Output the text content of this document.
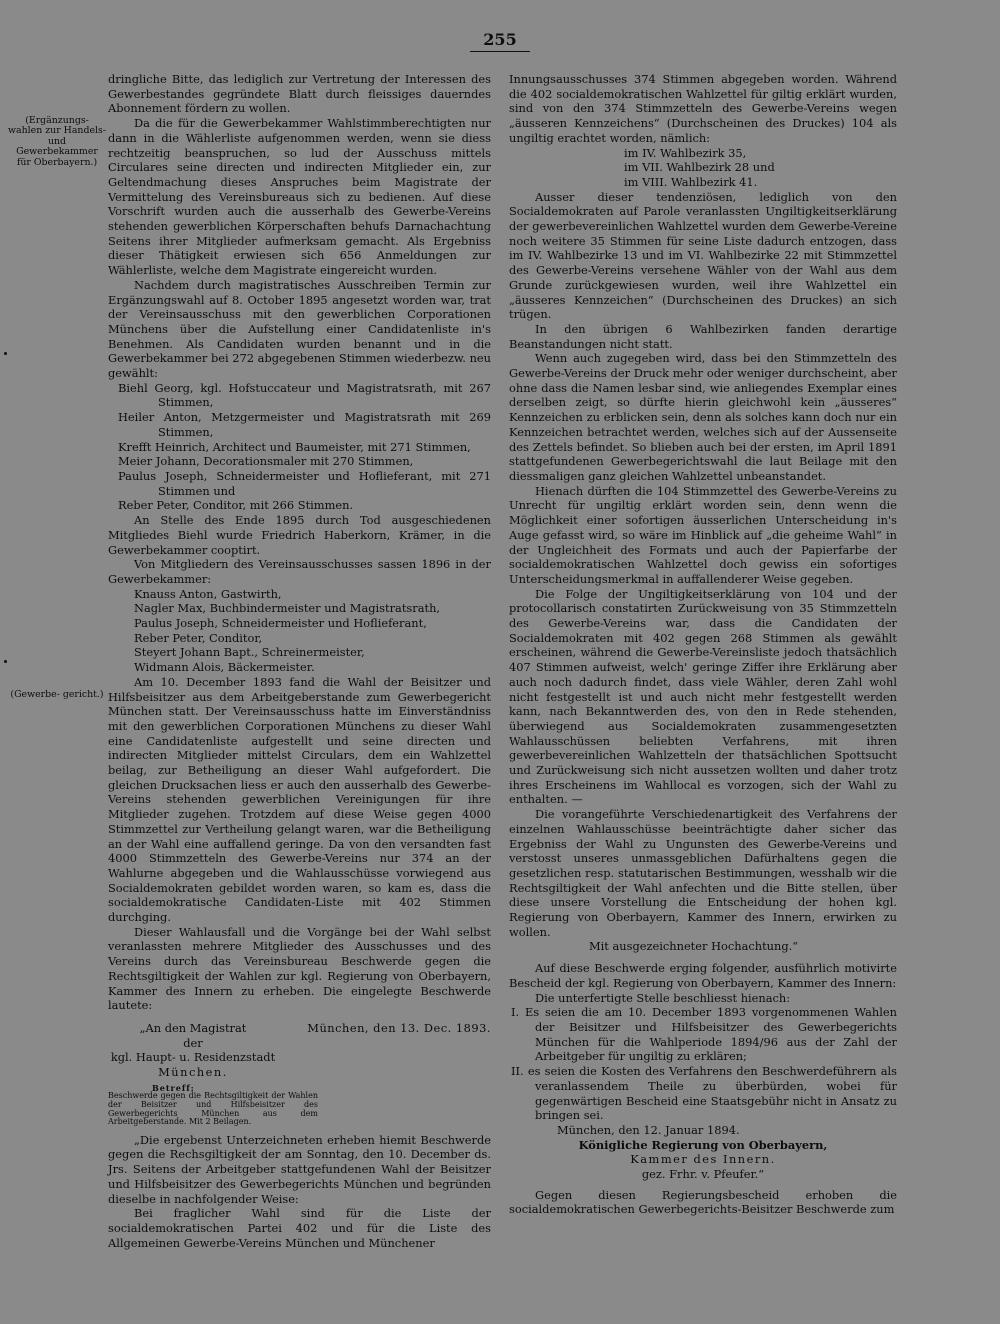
255
(Ergänzungs- wahlen zur Handels- und Gewerbekammer für Oberbayern.)
(Gewerbe- gericht.)

dringliche Bitte, das lediglich zur Vertretung der Interessen des Gewerbestandes gegründete Blatt durch fleissiges dauerndes Abonnement fördern zu wollen.

Da die für die Gewerbekammer Wahlstimmberechtigten nur dann in die Wählerliste aufgenommen werden, wenn sie diess rechtzeitig beanspruchen, so lud der Ausschuss mittels Circulares seine directen und indirecten Mitglieder ein, zur Geltendmachung dieses Anspruches beim Magistrate der Vermittelung des Vereinsbureaus sich zu bedienen. Auf diese Vorschrift wurden auch die ausserhalb des Gewerbe-Vereins stehenden gewerblichen Körperschaften behufs Darnachachtung Seitens ihrer Mitglieder aufmerksam gemacht. Als Ergebniss dieser Thätigkeit erwiesen sich 656 Anmeldungen zur Wählerliste, welche dem Magistrate eingereicht wurden.

Nachdem durch magistratisches Ausschreiben Termin zur Ergänzungswahl auf 8. October 1895 angesetzt worden war, trat der Vereinsausschuss mit den gewerblichen Corporationen Münchens über die Aufstellung einer Candidatenliste in's Benehmen. Als Candidaten wurden benannt und in die Gewerbekammer bei 272 abgegebenen Stimmen wiederbezw. neu gewählt:

Biehl Georg, kgl. Hofstuccateur und Magistratsrath, mit 267 Stimmen,

Heiler Anton, Metzgermeister und Magistratsrath mit 269 Stimmen,

Krefft Heinrich, Architect und Baumeister, mit 271 Stimmen,

Meier Johann, Decorationsmaler mit 270 Stimmen,

Paulus Joseph, Schneidermeister und Hoflieferant, mit 271 Stimmen und

Reber Peter, Conditor, mit 266 Stimmen.

An Stelle des Ende 1895 durch Tod ausgeschiedenen Mitgliedes Biehl wurde Friedrich Haberkorn, Krämer, in die Gewerbekammer cooptirt.

Von Mitgliedern des Vereinsausschusses sassen 1896 in der Gewerbekammer:

Knauss Anton, Gastwirth,

Nagler Max, Buchbindermeister und Magistratsrath,

Paulus Joseph, Schneidermeister und Hoflieferant,

Reber Peter, Conditor,

Steyert Johann Bapt., Schreinermeister,

Widmann Alois, Bäckermeister.

Am 10. December 1893 fand die Wahl der Beisitzer und Hilfsbeisitzer aus dem Arbeitgeberstande zum Gewerbegericht München statt. Der Vereinsausschuss hatte im Einverständniss mit den gewerblichen Corporationen Münchens zu dieser Wahl eine Candidatenliste aufgestellt und seine directen und indirecten Mitglieder mittelst Circulars, dem ein Wahlzettel beilag, zur Betheiligung an dieser Wahl aufgefordert. Die gleichen Drucksachen liess er auch den ausserhalb des Gewerbe-Vereins stehenden gewerblichen Vereinigungen für ihre Mitglieder zugehen. Trotzdem auf diese Weise gegen 4000 Stimmzettel zur Vertheilung gelangt waren, war die Betheiligung an der Wahl eine auffallend geringe. Da von den versandten fast 4000 Stimmzetteln des Gewerbe-Vereins nur 374 an der Wahlurne abgegeben und die Wahlausschüsse vorwiegend aus Socialdemokraten gebildet worden waren, so kam es, dass die socialdemokratische Candidaten-Liste mit 402 Stimmen durchging.

Dieser Wahlausfall und die Vorgänge bei der Wahl selbst veranlassten mehrere Mitglieder des Ausschusses und des Vereins durch das Vereinsbureau Beschwerde gegen die Rechtsgiltigkeit der Wahlen zur kgl. Regierung von Oberbayern, Kammer des Innern zu erheben. Die eingelegte Beschwerde lautete:

„An den Magistrat
der
kgl. Haupt- u. Residenzstadt
München.
München, den 13. Dec. 1893.
Betreff:
Beschwerde gegen die Rechtsgiltigkeit der Wahlen der Beisitzer und Hilfsbeisitzer des Gewerbegerichts München aus dem Arbeitgeberstande. Mit 2 Beilagen.

„Die ergebenst Unterzeichneten erheben hiemit Beschwerde gegen die Rechsgiltigkeit der am Sonntag, den 10. December ds. Jrs. Seitens der Arbeitgeber stattgefundenen Wahl der Beisitzer und Hilfsbeisitzer des Gewerbegerichts München und begründen dieselbe in nachfolgender Weise:

Bei fraglicher Wahl sind für die Liste der socialdemokratischen Partei 402 und für die Liste des Allgemeinen Gewerbe-Vereins München und Münchener

Innungsausschusses 374 Stimmen abgegeben worden. Während die 402 socialdemokratischen Wahlzettel für giltig erklärt wurden, sind von den 374 Stimmzetteln des Gewerbe-Vereins wegen „äusseren Kennzeichens“ (Durchscheinen des Druckes) 104 als ungiltig erachtet worden, nämlich:

im IV. Wahlbezirk 35,

im VII. Wahlbezirk 28 und

im VIII. Wahlbezirk 41.

Ausser dieser tendenziösen, lediglich von den Socialdemokraten auf Parole veranlassten Ungiltigkeitserklärung der gewerbevereinlichen Wahlzettel wurden dem Gewerbe-Vereine noch weitere 35 Stimmen für seine Liste dadurch entzogen, dass im IV. Wahlbezirke 13 und im VI. Wahlbezirke 22 mit Stimmzettel des Gewerbe-Vereins versehene Wähler von der Wahl aus dem Grunde zurückgewiesen wurden, weil ihre Wahlzettel ein „äusseres Kennzeichen“ (Durchscheinen des Druckes) an sich trügen.

In den übrigen 6 Wahlbezirken fanden derartige Beanstandungen nicht statt.

Wenn auch zugegeben wird, dass bei den Stimmzetteln des Gewerbe-Vereins der Druck mehr oder weniger durchscheint, aber ohne dass die Namen lesbar sind, wie anliegendes Exemplar eines derselben zeigt, so dürfte hierin gleichwohl kein „äusseres“ Kennzeichen zu erblicken sein, denn als solches kann doch nur ein Kennzeichen betrachtet werden, welches sich auf der Aussenseite des Zettels befindet. So blieben auch bei der ersten, im April 1891 stattgefundenen Gewerbegerichtswahl die laut Beilage mit den diessmaligen ganz gleichen Wahlzettel unbeanstandet.

Hienach dürften die 104 Stimmzettel des Gewerbe-Vereins zu Unrecht für ungiltig erklärt worden sein, denn wenn die Möglichkeit einer sofortigen äusserlichen Unterscheidung in's Auge gefasst wird, so wäre im Hinblick auf „die geheime Wahl“ in der Ungleichheit des Formats und auch der Papierfarbe der socialdemokratischen Wahlzettel doch gewiss ein sofortiges Unterscheidungsmerkmal in auffallenderer Weise gegeben.

Die Folge der Ungiltigkeitserklärung von 104 und der protocollarisch constatirten Zurückweisung von 35 Stimmzetteln des Gewerbe-Vereins war, dass die Candidaten der Socialdemokraten mit 402 gegen 268 Stimmen als gewählt erscheinen, während die Gewerbe-Vereinsliste jedoch thatsächlich 407 Stimmen aufweist, welch' geringe Ziffer ihre Erklärung aber auch noch dadurch findet, dass viele Wähler, deren Zahl wohl nicht festgestellt ist und auch nicht mehr festgestellt werden kann, nach Bekanntwerden des, von den in Rede stehenden, überwiegend aus Socialdemokraten zusammengesetzten Wahlausschüssen beliebten Verfahrens, mit ihren gewerbevereinlichen Wahlzetteln der thatsächlichen Spottsucht und Zurückweisung sich nicht aussetzen wollten und daher trotz ihres Erscheinens im Wahllocal es vorzogen, sich der Wahl zu enthalten. —

Die vorangeführte Verschiedenartigkeit des Verfahrens der einzelnen Wahlausschüsse beeinträchtigte daher sicher das Ergebniss der Wahl zu Ungunsten des Gewerbe-Vereins und verstosst unseres unmassgeblichen Dafürhaltens gegen die gesetzlichen resp. statutarischen Bestimmungen, wesshalb wir die Rechtsgiltigkeit der Wahl anfechten und die Bitte stellen, über diese unsere Vorstellung die Entscheidung der hohen kgl. Regierung von Oberbayern, Kammer des Innern, erwirken zu wollen.

Mit ausgezeichneter Hochachtung.“

Auf diese Beschwerde erging folgender, ausführlich motivirte Bescheid der kgl. Regierung von Oberbayern, Kammer des Innern:

Die unterfertigte Stelle beschliesst hienach:

I. Es seien die am 10. December 1893 vorgenommenen Wahlen der Beisitzer und Hilfsbeisitzer des Gewerbegerichts München für die Wahlperiode 1894/96 aus der Zahl der Arbeitgeber für ungiltig zu erklären;

II. es seien die Kosten des Verfahrens den Beschwerdeführern als veranlassendem Theile zu überbürden, wobei für gegenwärtigen Bescheid eine Staatsgebühr nicht in Ansatz zu bringen sei.

München, den 12. Januar 1894.

Königliche Regierung von Oberbayern,

Kammer des Innern.

gez. Frhr. v. Pfeufer.“

Gegen diesen Regierungsbescheid erhoben die socialdemokratischen Gewerbegerichts-Beisitzer Beschwerde zum
